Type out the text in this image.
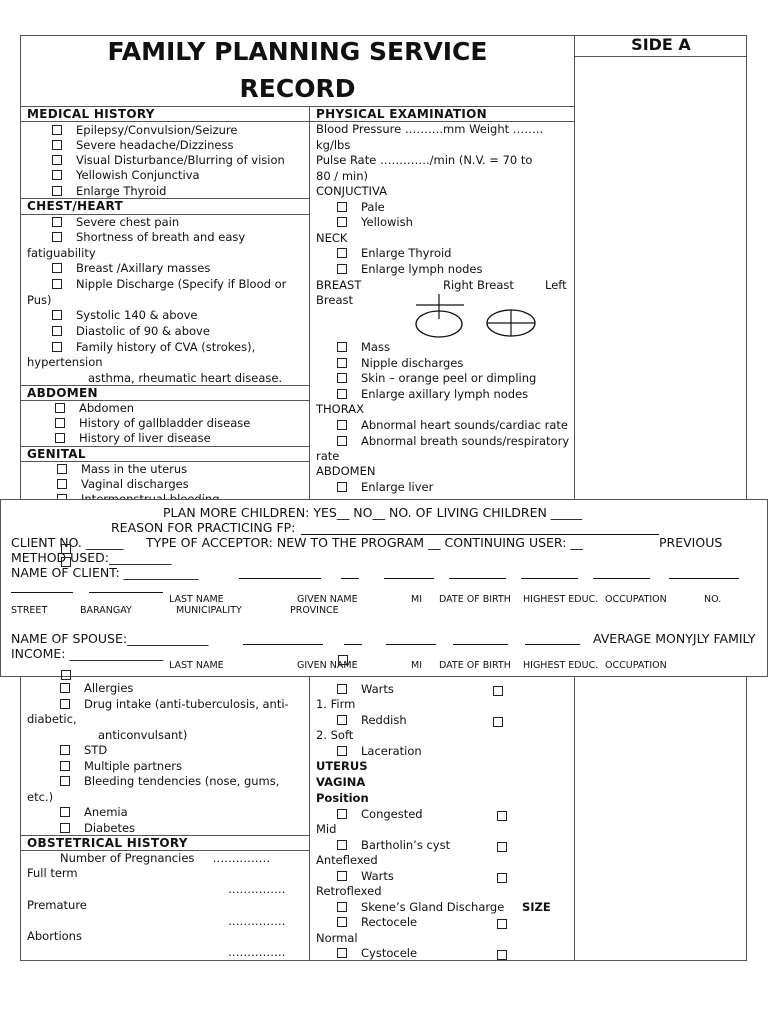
FAMILY PLANNING SERVICE
RECORD
SIDE A
MEDICAL HISTORY
Epilepsy/Convulsion/Seizure
Severe headache/Dizziness
Visual Disturbance/Blurring of vision
Yellowish Conjunctiva
Enlarge Thyroid
CHEST/HEART
Severe chest pain
Shortness of breath and easy
fatiguability
Breast /Axillary masses
Nipple Discharge (Specify if Blood or
Pus)
Systolic 140 & above
Diastolic of 90 & above
Family history of CVA (strokes),
hypertension
asthma, rheumatic heart disease.
ABDOMEN
Abdomen
History of gallbladder disease
History of liver disease
GENITAL
Mass in the uterus
Vaginal discharges
Allergies
Drug intake (anti-tuberculosis, anti-
diabetic,
anticonvulsant)
STD
Multiple partners
Bleeding tendencies (nose, gums,
etc.)
Anemia
Diabetes
OBSTETRICAL HISTORY
Number of Pregnancies ……………
Full term
……………
Premature
……………
Abortions
……………
PHYSICAL EXAMINATION
Blood Pressure ……….mm Weight ……..
kg/lbs
Pulse Rate …………./min (N.V. = 70 to
80 / min)
CONJUCTIVA
Pale
Yellowish
NECK
Enlarge Thyroid
Enlarge lymph nodes
BREAST	Right Breast	Left
Breast
Mass
Nipple discharges
Skin – orange peel or dimpling
Enlarge axillary lymph nodes
THORAX
Abnormal heart sounds/cardiac rate
Abnormal breath sounds/respiratory
rate
ABDOMEN
Enlarge liver
Warts
1. Firm
Reddish
2. Soft
Laceration
UTERUS
VAGINA
Position
Congested
Mid
Bartholin’s cyst
Anteflexed
Warts
Retroflexed
Skene’s Gland Discharge SIZE
Rectocele
Normal
Cystocele
PLAN MORE CHILDREN: YES__ NO__ NO. OF LIVING CHILDREN _____
REASON FOR PRACTICING FP:
CLIENT NO. ______ TYPE OF ACCEPTOR: NEW TO THE PROGRAM __ CONTINUING USER: __	PREVIOUS
METHOD USED:__________
NAME OF CLIENT: ____________
LAST NAME	GIVEN NAME	MI DATE OF BIRTH HIGHEST EDUC. OCCUPATION	NO.
STREET	BARANGAY	MUNICIPALITY	PROVINCE
NAME OF SPOUSE:_____________	AVERAGE MONYJLY FAMILY
INCOME: _______________
LAST NAME	GIVEN NAME	MI DATE OF BIRTH HIGHEST EDUC. OCCUPATION
